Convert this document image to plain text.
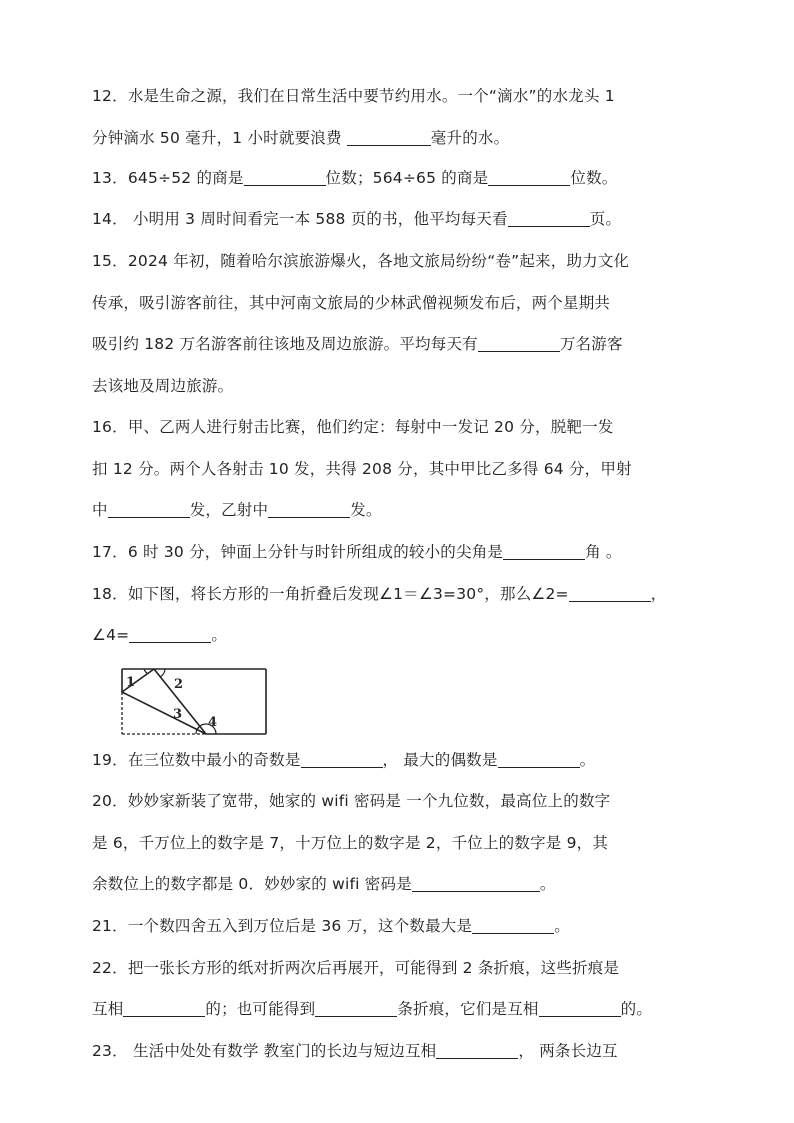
12．水是生命之源，我们在日常生活中要节约用水。一个“滴水”的水龙头 1
分钟滴水 50 毫升，1 小时就要浪费	毫升的水。
13．645÷52 的商是	位数；564÷65 的商是	位数。
14． 小明用 3 周时间看完一本 588 页的书，他平均每天看	页。
15．2024 年初，随着哈尔滨旅游爆火，各地文旅局纷纷“卷”起来，助力文化
传承，吸引游客前往，其中河南文旅局的少林武僧视频发布后，两个星期共
吸引约 182 万名游客前往该地及周边旅游。平均每天有	万名游客
去该地及周边旅游。
16．甲、乙两人进行射击比赛，他们约定：每射中一发记 20 分，脱靶一发
扣 12 分。两个人各射击 10 发，共得 208 分，其中甲比乙多得 64 分，甲射
中	发，乙射中	发。
17．6 时 30 分，钟面上分针与时针所组成的较小的尖角是	角 。
18．如下图，将长方形的一角折叠后发现∠1＝∠3=30°，那么∠2=	，
∠4=	。
1	2
3
4
19．在三位数中最小的奇数是	， 最大的偶数是	。
20．妙妙家新装了宽带，她家的 wifi 密码是 一个九位数，最高位上的数字
是 6，千万位上的数字是 7，十万位上的数字是 2，千位上的数字是 9，其
余数位上的数字都是 0．妙妙家的 wifi 密码是	。
21．一个数四舍五入到万位后是 36 万，这个数最大是	。
22．把一张长方形的纸对折两次后再展开，可能得到 2 条折痕，这些折痕是
互相	的；也可能得到	条折痕，它们是互相	的。
23． 生活中处处有数学 教室门的长边与短边互相	， 两条长边互
